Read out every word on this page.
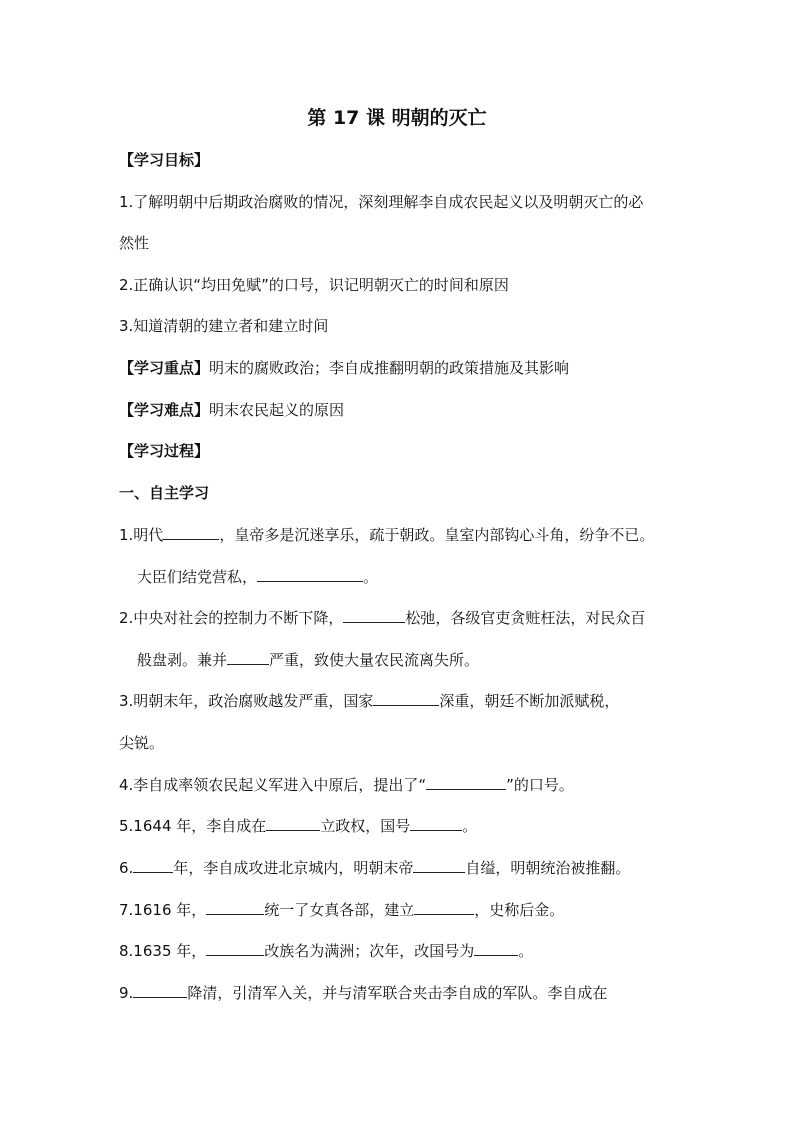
第 17 课 明朝的灭亡
【学习目标】
1.了解明朝中后期政治腐败的情况，深刻理解李自成农民起义以及明朝灭亡的必
然性
2.正确认识“均田免赋”的口号，识记明朝灭亡的时间和原因
3.知道清朝的建立者和建立时间
【学习重点】明末的腐败政治；李自成推翻明朝的政策措施及其影响
【学习难点】明末农民起义的原因
【学习过程】
一、自主学习
1.明代	，皇帝多是沉迷享乐，疏于朝政。皇室内部钩心斗角，纷争不已。
大臣们结党营私，	。
2.中央对社会的控制力不断下降，	松弛，各级官吏贪赃枉法，对民众百
般盘剥。兼并	严重，致使大量农民流离失所。
3.明朝末年，政治腐败越发严重，国家	深重，朝廷不断加派赋税，
尖锐。
4.李自成率领农民起义军进入中原后，提出了“	”的口号。
5.1644 年，李自成在	立政权，国号	。
6.	年，李自成攻进北京城内，明朝末帝	自缢，明朝统治被推翻。
7.1616 年，	统一了女真各部，建立	，史称后金。
8.1635 年，	改族名为满洲；次年，改国号为	。
9.	降清，引清军入关，并与清军联合夹击李自成的军队。李自成在
